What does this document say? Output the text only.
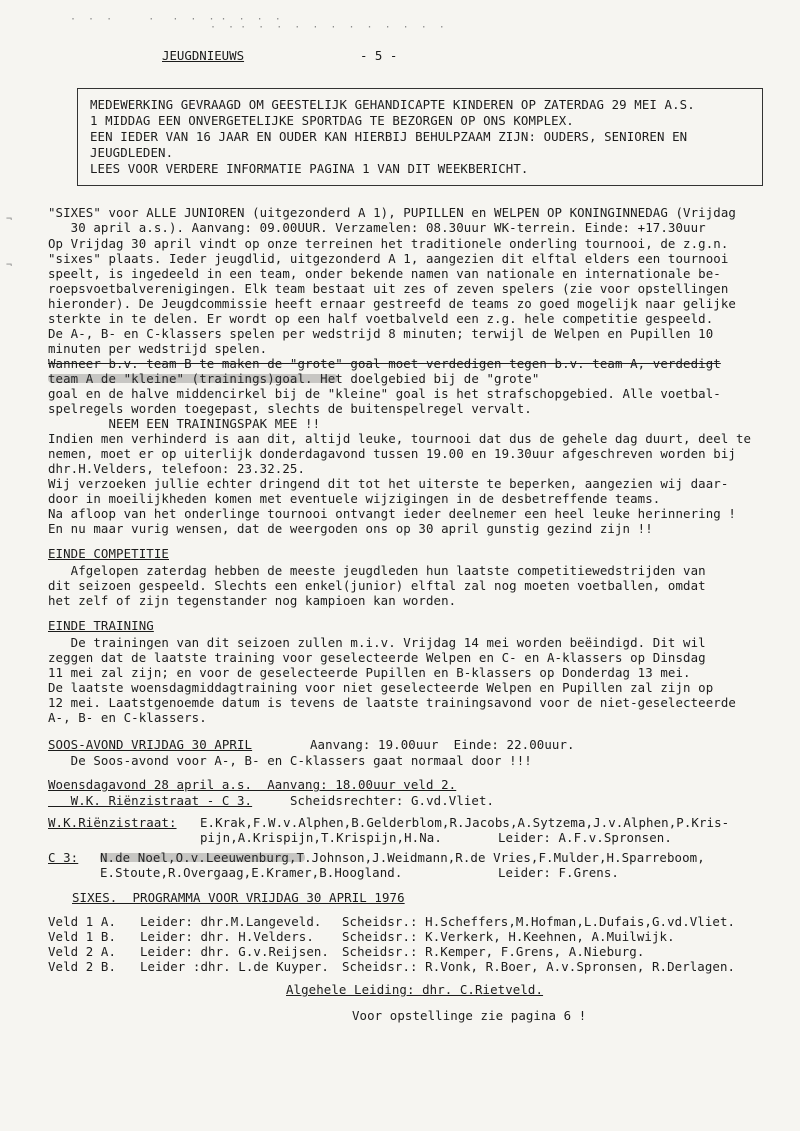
·  ·  ·      ·   ·  ·  · ·  ·  ·  ·
·  · ·  ·  ·  ·  ·  ·  ·  ·  ·  ·  ·  ·
JEUGDNIEUWS	- 5 -
MEDEWERKING GEVRAAGD OM GEESTELIJK GEHANDICAPTE KINDEREN OP ZATERDAG 29 MEI A.S.
1 MIDDAG EEN ONVERGETELIJKE SPORTDAG TE BEZORGEN OP ONS KOMPLEX.
EEN IEDER VAN 16 JAAR EN OUDER KAN HIERBIJ BEHULPZAAM ZIJN: OUDERS, SENIOREN EN
JEUGDLEDEN.
LEES VOOR VERDERE INFORMATIE PAGINA 1 VAN DIT WEEKBERICHT.
"SIXES" voor ALLE JUNIOREN (uitgezonderd A 1), PUPILLEN en WELPEN OP KONINGINNEDAG (Vrijdag
30 april a.s.). Aanvang: 09.00UUR. Verzamelen: 08.30uur WK-terrein. Einde: +17.30uur
Op Vrijdag 30 april vindt op onze terreinen het traditionele onderling tournooi, de z.g.n.
"sixes" plaats. Ieder jeugdlid, uitgezonderd A 1, aangezien dit elftal elders een tournooi
speelt, is ingedeeld in een team, onder bekende namen van nationale en internationale be-
roepsvoetbalverenigingen. Elk team bestaat uit zes of zeven spelers (zie voor opstellingen
hieronder). De Jeugdcommissie heeft ernaar gestreefd de teams zo goed mogelijk naar gelijke
sterkte in te delen. Er wordt op een half voetbalveld een z.g. hele competitie gespeeld.
De A-, B- en C-klassers spelen per wedstrijd 8 minuten; terwijl de Welpen en Pupillen 10
minuten per wedstrijd spelen.
Wanneer b.v. team B te maken de "grote" goal moet verdedigen tegen b.v. team A, verdedigt
team A de "kleine" (trainings)goal. Het doelgebied bij de "grote"
goal en de halve middencirkel bij de "kleine" goal is het strafschopgebied. Alle voetbal-
spelregels worden toegepast, slechts de buitenspelregel vervalt.
NEEM EEN TRAININGSPAK MEE !!
Indien men verhinderd is aan dit, altijd leuke, tournooi dat dus de gehele dag duurt, deel te
nemen, moet er op uiterlijk donderdagavond tussen 19.00 en 19.30uur afgeschreven worden bij
dhr.H.Velders, telefoon: 23.32.25.
Wij verzoeken jullie echter dringend dit tot het uiterste te beperken, aangezien wij daar-
door in moeilijkheden komen met eventuele wijzigingen in de desbetreffende teams.
Na afloop van het onderlinge tournooi ontvangt ieder deelnemer een heel leuke herinnering !
En nu maar vurig wensen, dat de weergoden ons op 30 april gunstig gezind zijn !!
EINDE COMPETITIE
Afgelopen zaterdag hebben de meeste jeugdleden hun laatste competitiewedstrijden van
dit seizoen gespeeld. Slechts een enkel(junior) elftal zal nog moeten voetballen, omdat
het zelf of zijn tegenstander nog kampioen kan worden.
EINDE TRAINING
De trainingen van dit seizoen zullen m.i.v. Vrijdag 14 mei worden beëindigd. Dit wil
zeggen dat de laatste training voor geselecteerde Welpen en C- en A-klassers op Dinsdag
11 mei zal zijn; en voor de geselecteerde Pupillen en B-klassers op Donderdag 13 mei.
De laatste woensdagmiddagtraining voor niet geselecteerde Welpen en Pupillen zal zijn op
12 mei. Laatstgenoemde datum is tevens de laatste trainingsavond voor de niet-geselecteerde
A-, B- en C-klassers.
SOOS-AVOND VRIJDAG 30 APRIL	Aanvang: 19.00uur  Einde: 22.00uur.
De Soos-avond voor A-, B- en C-klassers gaat normaal door !!!
Woensdagavond 28 april a.s.  Aanvang: 18.00uur veld 2.
W.K. Riënzistraat - C 3.	Scheidsrechter: G.vd.Vliet.
W.K.Riënzistraat: E.Krak,F.W.v.Alphen,B.Gelderblom,R.Jacobs,A.Sytzema,J.v.Alphen,P.Kris-
pijn,A.Krispijn,T.Krispijn,H.Na.	Leider: A.F.v.Spronsen.
C 3: N.de Noel,O.v.Leeuwenburg,T.Johnson,J.Weidmann,R.de Vries,F.Mulder,H.Sparreboom,
E.Stoute,R.Overgaag,E.Kramer,B.Hoogland.	Leider: F.Grens.
SIXES.  PROGRAMMA VOOR VRIJDAG 30 APRIL 1976
Veld 1 A. Leider: dhr.M.Langeveld. Scheidsr.: H.Scheffers,M.Hofman,L.Dufais,G.vd.Vliet.
Veld 1 B. Leider: dhr. H.Velders. Scheidsr.: K.Verkerk, H.Keehnen, A.Muilwijk.
Veld 2 A. Leider: dhr. G.v.Reijsen. Scheidsr.: R.Kemper, F.Grens, A.Nieburg.
Veld 2 B. Leider :dhr. L.de Kuyper. Scheidsr.: R.Vonk, R.Boer, A.v.Spronsen, R.Derlagen.
Algehele Leiding: dhr. C.Rietveld.
Voor opstellinge zie pagina 6 !
¬
¬
